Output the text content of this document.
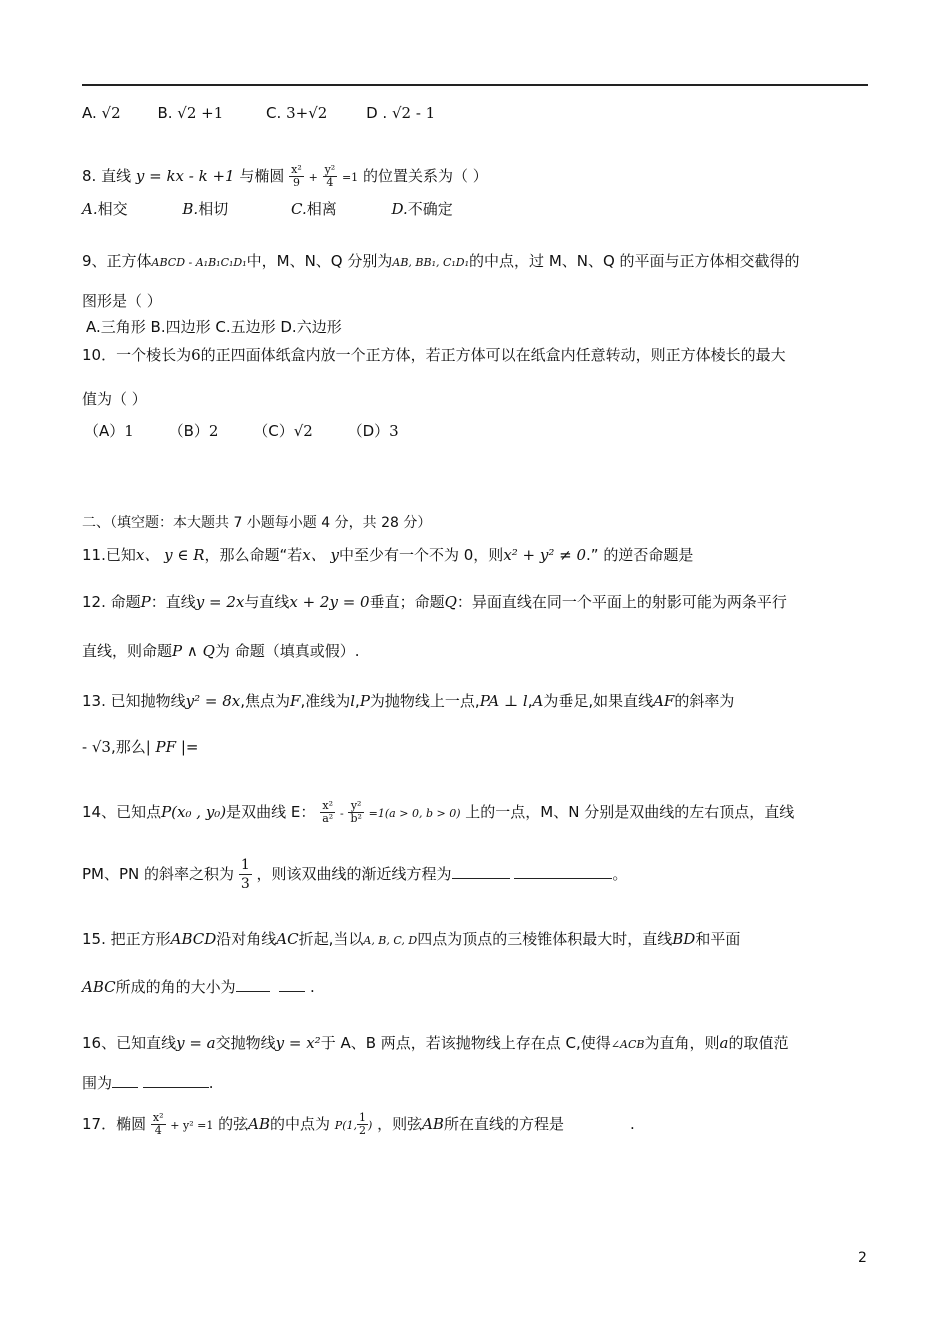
A. √2 B. √2 +1	C. 3+√2	D . √2 - 1
8. 直线 y = kx - k +1 与椭圆 $\frac{\text{x²}}{9} + \frac{\text{y²}}{4} =1$ 的位置关系为（ ）
A.相交	B.相切	C.相离	D.不确定
9、正方体ABCD - A₁B₁C₁D₁中，M、N、Q 分别为AB, BB₁, C₁D₁的中点，过 M、N、Q 的平面与正方体相交截得的
图形是（ ）
A.三角形 B.四边形 C.五边形 D.六边形
10．一个棱长为6的正四面体纸盒内放一个正方体，若正方体可以在纸盒内任意转动，则正方体棱长的最大
值为（ ）
（A）1 （B）2 （C）√2 （D）3
二、（填空题：本大题共 7 小题每小题 4 分，共 28 分）
11.已知x、 y ∈ R，那么命题“若x、 y中至少有一个不为 0，则x² + y² ≠ 0.” 的逆否命题是
12. 命题P：直线y = 2x与直线x + 2y = 0垂直；命题Q：异面直线在同一个平面上的射影可能为两条平行
直线，则命题P ∧ Q为 命题（填真或假）.
13. 已知抛物线y² = 8x,焦点为F,准线为l,P为抛物线上一点,PA ⊥ l,A为垂足,如果直线AF的斜率为
- √3,那么| PF |=
14、已知点P(x₀ , y₀)是双曲线 E： $\frac{\text{x²}}{\text{a²}} - \frac{\text{y²}}{\text{b²}} =1(a > 0$, b > 0) 上的一点，M、N 分别是双曲线的左右顶点，直线
PM、PN 的斜率之积为 $\frac{1}{3}$ ，则该双曲线的渐近线方程为	。
15. 把正方形ABCD沿对角线AC折起,当以A, B, C, D四点为顶点的三棱锥体积最大时，直线BD和平面
ABC所成的角的大小为	.
16、已知直线y = a交抛物线y = x²于 A、B 两点，若该抛物线上存在点 C,使得∠ACB为直角，则a的取值范
围为	.
17．椭圆 $\frac{\text{x²}}{4} + y^2 =1$ 的弦AB的中点为 P(1, $\frac{1}{2}$ ) ，则弦AB所在直线的方程是	.
2
